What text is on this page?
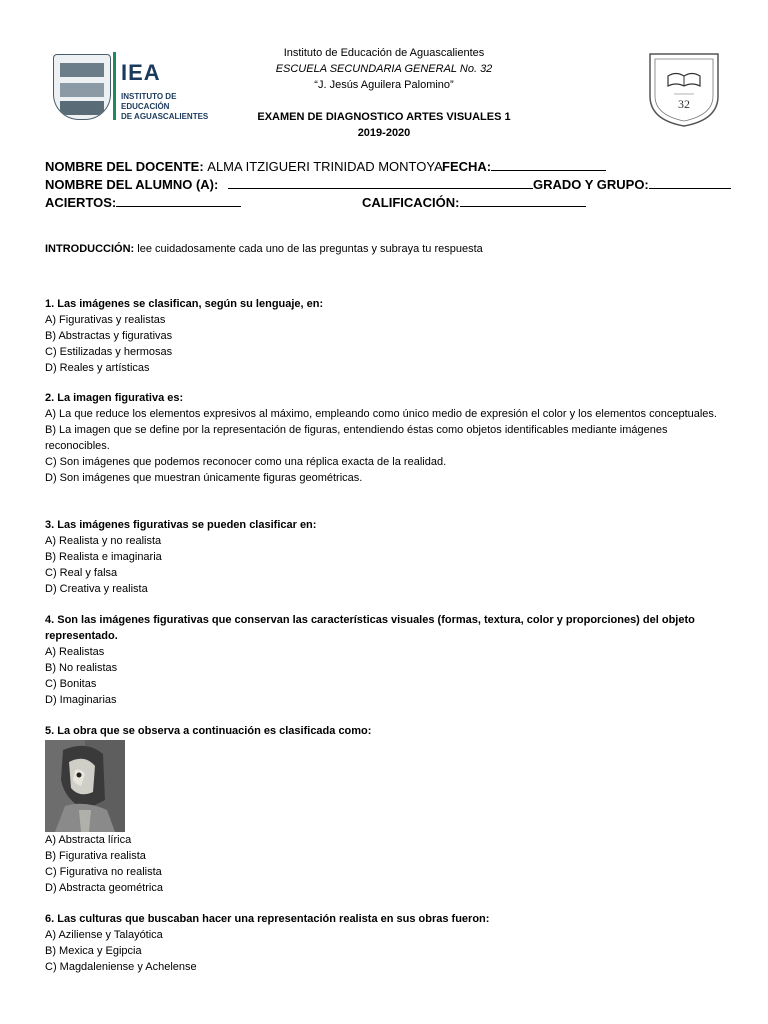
IEA
INSTITUTO DE EDUCACIÓN
DE AGUASCALIENTES
32
Instituto de Educación de Aguascalientes
ESCUELA SECUNDARIA GENERAL No. 32
“J. Jesús Aguilera Palomino”
EXAMEN DE DIAGNOSTICO ARTES VISUALES 1
2019-2020
NOMBRE DEL DOCENTE: ALMA ITZIGUERI TRINIDAD MONTOYA FECHA:
NOMBRE DEL ALUMNO (A):	GRADO Y GRUPO:
ACIERTOS:	CALIFICACIÓN:
INTRODUCCIÓN: lee cuidadosamente cada uno de las preguntas y subraya tu respuesta
1. Las imágenes se clasifican, según su lenguaje, en:
A) Figurativas y realistas
B) Abstractas y figurativas
C) Estilizadas y hermosas
D) Reales y artísticas
2. La imagen figurativa es:
A) La que reduce los elementos expresivos al máximo, empleando como único medio de expresión el color y los elementos conceptuales.
B) La imagen que se define por la representación de figuras, entendiendo éstas como objetos identificables mediante imágenes reconocibles.
C) Son imágenes que podemos reconocer como una réplica exacta de la realidad.
D) Son imágenes que muestran únicamente figuras geométricas.
3. Las imágenes figurativas se pueden clasificar en:
A) Realista y no realista
B) Realista e imaginaria
C) Real y falsa
D) Creativa y realista
4. Son las imágenes figurativas que conservan las características visuales (formas, textura, color y proporciones) del objeto representado.
A) Realistas
B) No realistas
C) Bonitas
D) Imaginarias
5. La obra que se observa a continuación es clasificada como:
A) Abstracta lírica
B) Figurativa realista
C) Figurativa no realista
D) Abstracta geométrica
6. Las culturas que buscaban hacer una representación realista en sus obras fueron:
A) Aziliense y Talayótica
B) Mexica y Egipcia
C) Magdaleniense y Achelense
